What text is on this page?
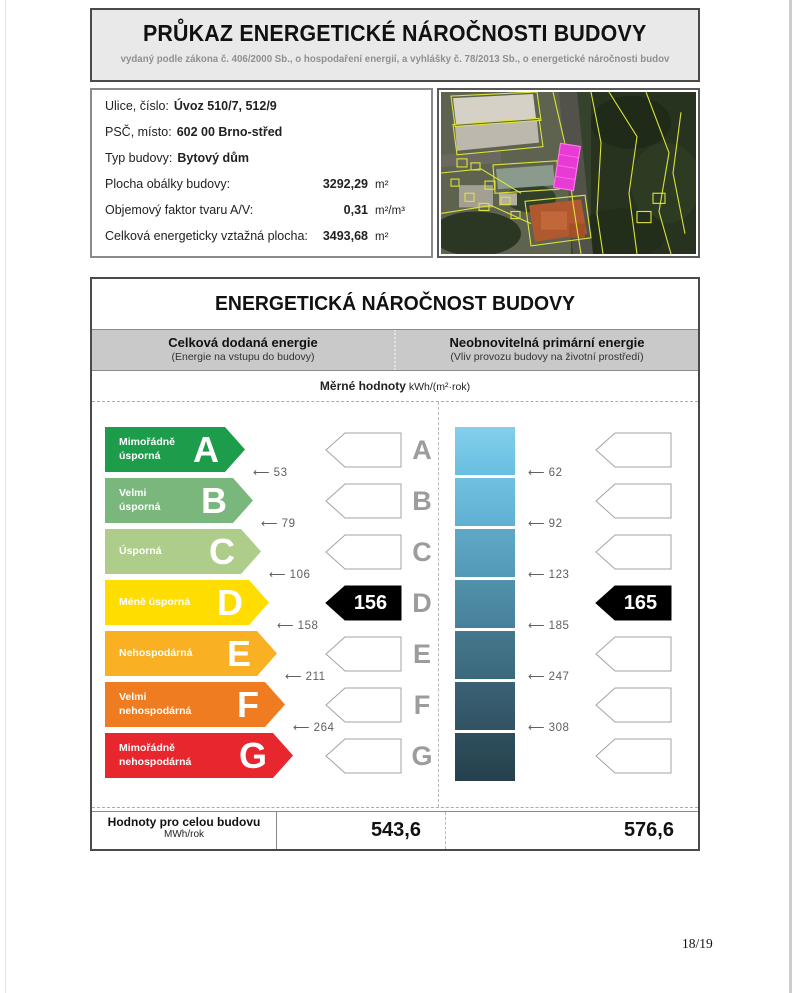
PRŮKAZ ENERGETICKÉ NÁROČNOSTI BUDOVY
vydaný podle zákona č. 406/2000 Sb., o hospodaření energií, a vyhlášky č. 78/2013 Sb., o energetické náročnosti budov
Ulice, číslo: Úvoz 510/7, 512/9
PSČ, místo: 602 00 Brno-střed
Typ budovy: Bytový dům
Plocha obálky budovy:	3292,29 m²
Objemový faktor tvaru A/V:	0,31 m²/m³
Celková energeticky vztažná plocha:	3493,68 m²
ENERGETICKÁ NÁROČNOST BUDOVY
Celková dodaná energie
(Energie na vstupu do budovy)
Neobnovitelná primární energie
(Vliv provozu budovy na životní prostředí)
Měrné hodnoty kWh/(m²·rok)
Mimořádně
úsporná A
⟵ 53
A
⟵ 62
Velmi
úsporná B
⟵ 79
B
⟵ 92
Úsporná C
⟵ 106
C
⟵ 123
Méně úsporná D
⟵ 158
D
156
⟵ 185
165
Nehospodárná E
⟵ 211
E
⟵ 247
Velmi
nehospodárná F
⟵ 264
F
⟵ 308
Mimořádně
nehospodárná G	G
Hodnoty pro celou budovu
MWh/rok	543,6	576,6
18/19
